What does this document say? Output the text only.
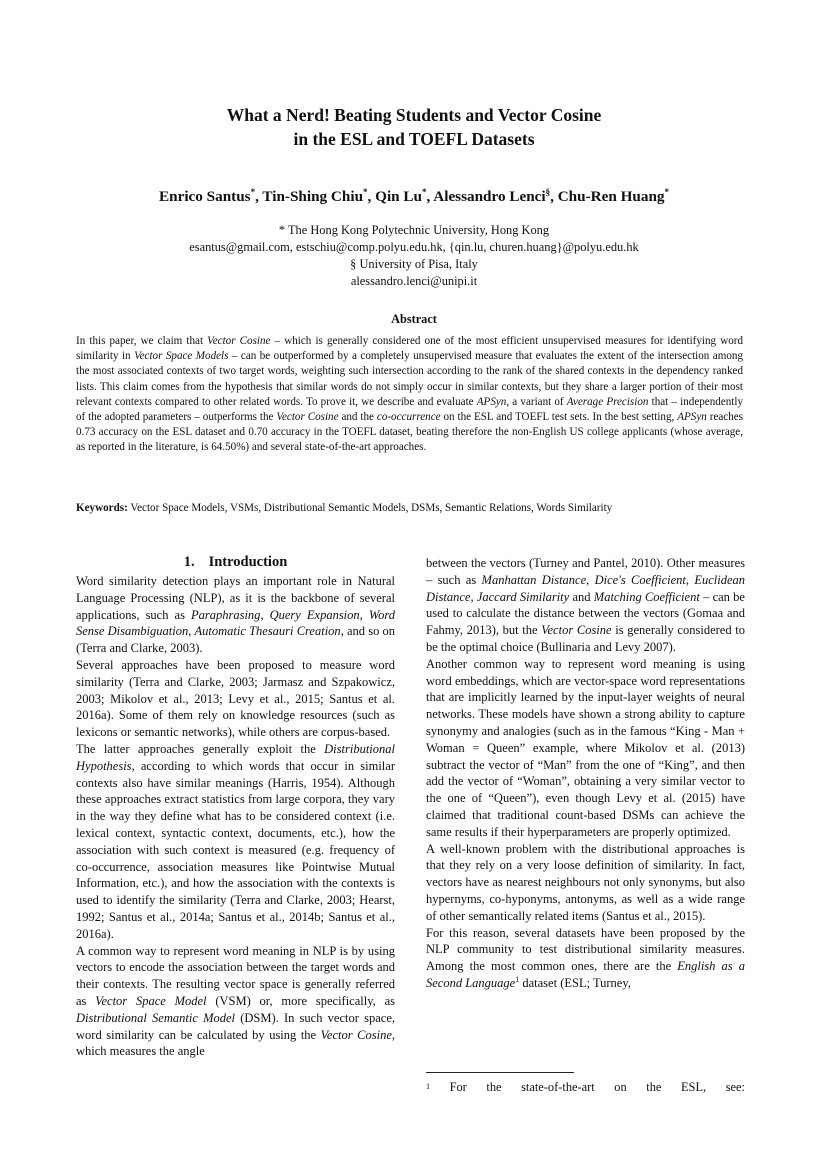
What a Nerd! Beating Students and Vector Cosine
in the ESL and TOEFL Datasets
Enrico Santus*, Tin-Shing Chiu*, Qin Lu*, Alessandro Lenci§, Chu-Ren Huang*
* The Hong Kong Polytechnic University, Hong Kong
esantus@gmail.com, estschiu@comp.polyu.edu.hk, {qin.lu, churen.huang}@polyu.edu.hk
§ University of Pisa, Italy
alessandro.lenci@unipi.it
Abstract

In this paper, we claim that Vector Cosine – which is generally considered one of the most efficient unsupervised measures for identifying word similarity in Vector Space Models – can be outperformed by a completely unsupervised measure that evaluates the extent of the intersection among the most associated contexts of two target words, weighting such intersection according to the rank of the shared contexts in the dependency ranked lists. This claim comes from the hypothesis that similar words do not simply occur in similar contexts, but they share a larger portion of their most relevant contexts compared to other related words. To prove it, we describe and evaluate APSyn, a variant of Average Precision that – independently of the adopted parameters – outperforms the Vector Cosine and the co-occurrence on the ESL and TOEFL test sets. In the best setting, APSyn reaches 0.73 accuracy on the ESL dataset and 0.70 accuracy in the TOEFL dataset, beating therefore the non-English US college applicants (whose average, as reported in the literature, is 64.50%) and several state-of-the-art approaches.

Keywords: Vector Space Models, VSMs, Distributional Semantic Models, DSMs, Semantic Relations, Words Similarity
1. Introduction

Word similarity detection plays an important role in Natural Language Processing (NLP), as it is the backbone of several applications, such as Paraphrasing, Query Expansion, Word Sense Disambiguation, Automatic Thesauri Creation, and so on (Terra and Clarke, 2003).

Several approaches have been proposed to measure word similarity (Terra and Clarke, 2003; Jarmasz and Szpakowicz, 2003; Mikolov et al., 2013; Levy et al., 2015; Santus et al. 2016a). Some of them rely on knowledge resources (such as lexicons or semantic networks), while others are corpus-based.

The latter approaches generally exploit the Distributional Hypothesis, according to which words that occur in similar contexts also have similar meanings (Harris, 1954). Although these approaches extract statistics from large corpora, they vary in the way they define what has to be considered context (i.e. lexical context, syntactic context, documents, etc.), how the association with such context is measured (e.g. frequency of co-occurrence, association measures like Pointwise Mutual Information, etc.), and how the association with the contexts is used to identify the similarity (Terra and Clarke, 2003; Hearst, 1992; Santus et al., 2014a; Santus et al., 2014b; Santus et al., 2016a).

A common way to represent word meaning in NLP is by using vectors to encode the association between the target words and their contexts. The resulting vector space is generally referred as Vector Space Model (VSM) or, more specifically, as Distributional Semantic Model (DSM). In such vector space, word similarity can be calculated by using the Vector Cosine, which measures the angle

between the vectors (Turney and Pantel, 2010). Other measures – such as Manhattan Distance, Dice's Coefficient, Euclidean Distance, Jaccard Similarity and Matching Coefficient – can be used to calculate the distance between the vectors (Gomaa and Fahmy, 2013), but the Vector Cosine is generally considered to be the optimal choice (Bullinaria and Levy 2007).

Another common way to represent word meaning is using word embeddings, which are vector-space word representations that are implicitly learned by the input-layer weights of neural networks. These models have shown a strong ability to capture synonymy and analogies (such as in the famous “King - Man + Woman = Queen” example, where Mikolov et al. (2013) subtract the vector of “Man” from the one of “King”, and then add the vector of “Woman”, obtaining a very similar vector to the one of “Queen”), even though Levy et al. (2015) have claimed that traditional count-based DSMs can achieve the same results if their hyperparameters are properly optimized.

A well-known problem with the distributional approaches is that they rely on a very loose definition of similarity. In fact, vectors have as nearest neighbours not only synonyms, but also hypernyms, co-hyponyms, antonyms, as well as a wide range of other semantically related items (Santus et al., 2015).

For this reason, several datasets have been proposed by the NLP community to test distributional similarity measures. Among the most common ones, there are the English as a Second Language$^1$ dataset (ESL; Turney,

$^1$ For the state-of-the-art on the ESL, see:
